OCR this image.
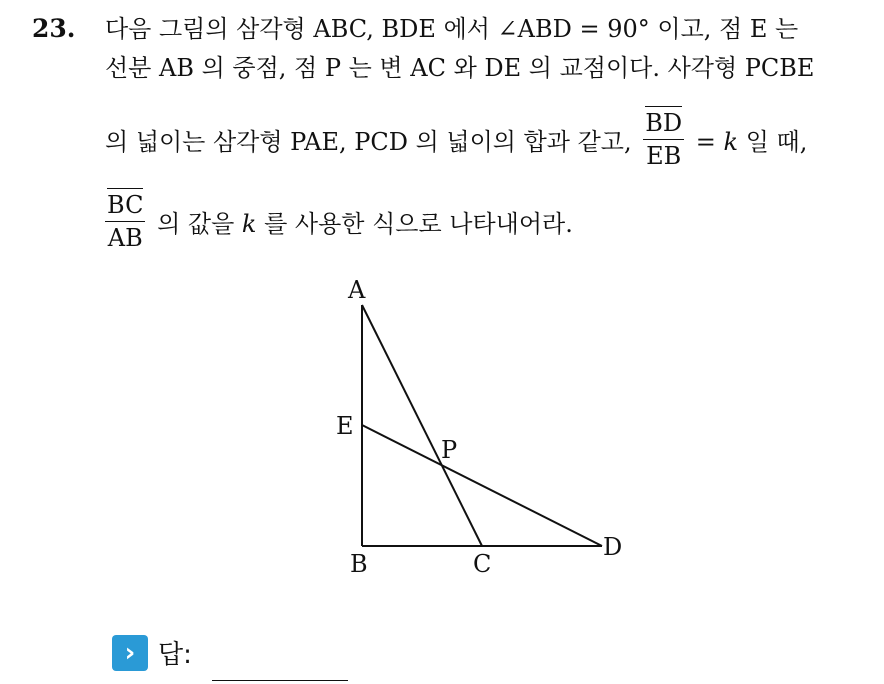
23. 다음 그림의 삼각형 ABC, BDE 에서 ∠ABD = 90° 이고, 점 E 는
선분 AB 의 중점, 점 P 는 변 AC 와 DE 의 교점이다. 사각형 PCBE
의 넓이는 삼각형 PAE, PCD 의 넓이의 합과 같고, $\frac{BD}{EB} = k$ 일 때,
$\frac{BC}{AB}$ 의 값을 k 를 사용한 식으로 나타내어라.
A
E
P
B	C
D
› 답:
